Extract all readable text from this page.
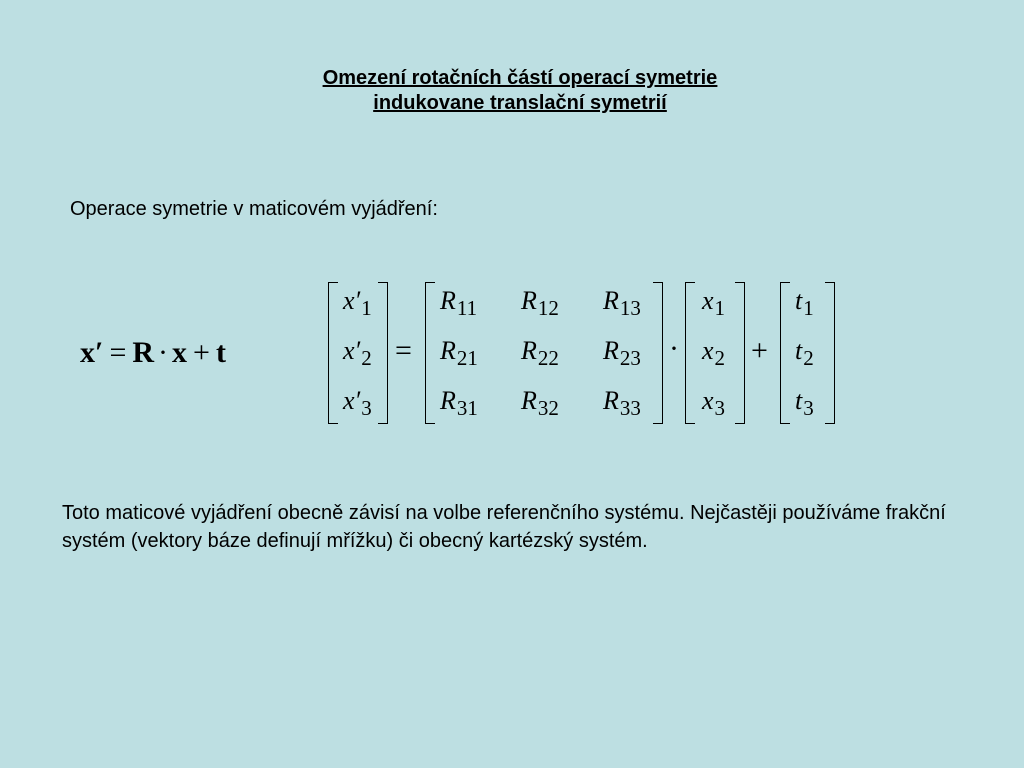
Omezení rotačních částí operací symetrie
indukovane translační symetrií
Operace symetrie v maticovém vyjádření:
x′ = R · x + t
$x'_1$
$x'_2$
$x'_3$
=
$R_{11}$ $R_{12}$ $R_{13}$
$R_{21}$ $R_{22}$ $R_{23}$
$R_{31}$ $R_{32}$ $R_{33}$
·
$x_1$
$x_2$
$x_3$
+
$t_1$
$t_2$
$t_3$
Toto maticové vyjádření obecně závisí na volbe referenčního systému. Nejčastěji používáme frakční systém (vektory báze definují mřížku) či obecný kartézský systém.
